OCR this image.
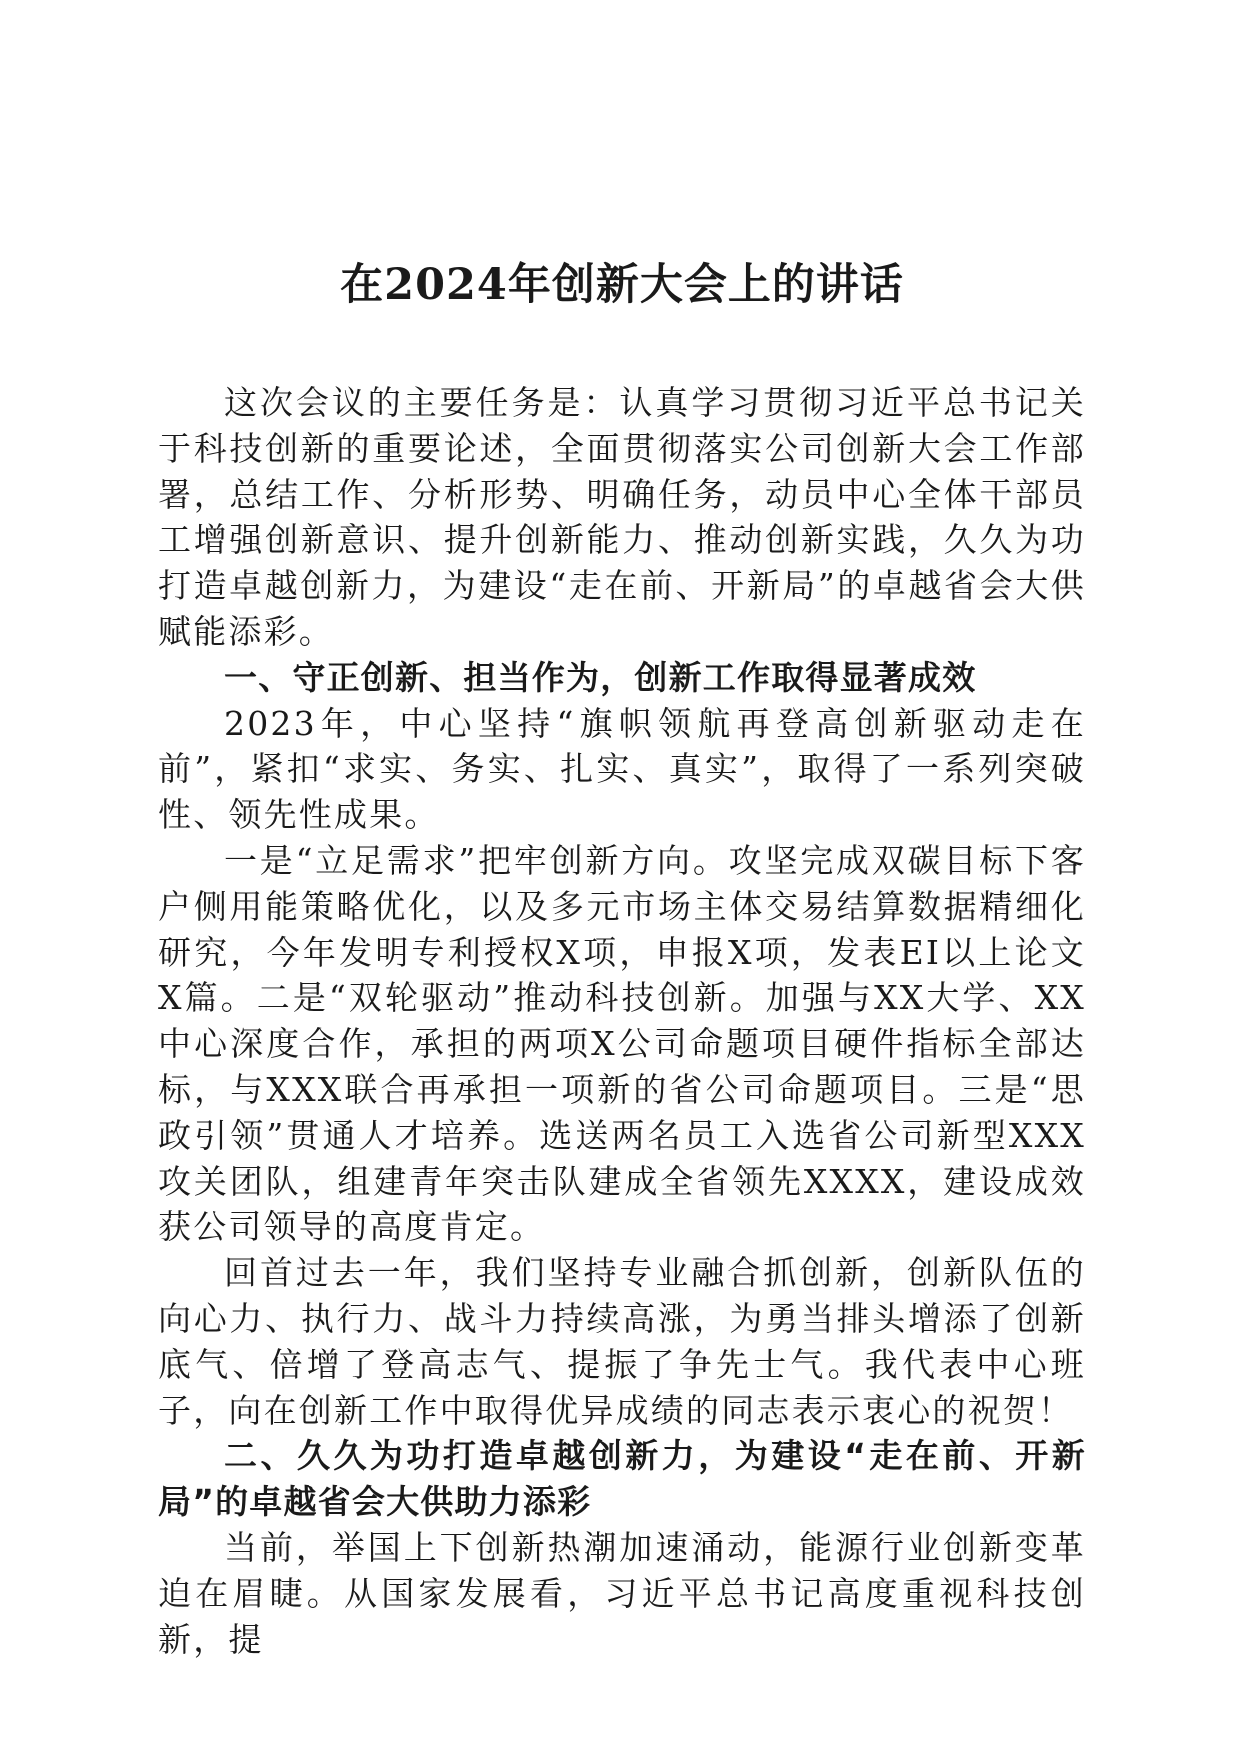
在2024年创新大会上的讲话

这次会议的主要任务是：认真学习贯彻习近平总书记关于科技创新的重要论述，全面贯彻落实公司创新大会工作部署，总结工作、分析形势、明确任务，动员中心全体干部员工增强创新意识、提升创新能力、推动创新实践，久久为功打造卓越创新力，为建设“走在前、开新局”的卓越省会大供赋能添彩。

一、守正创新、担当作为，创新工作取得显著成效

2023年，中心坚持“旗帜领航再登高创新驱动走在前”，紧扣“求实、务实、扎实、真实”，取得了一系列突破性、领先性成果。

一是“立足需求”把牢创新方向。攻坚完成双碳目标下客户侧用能策略优化，以及多元市场主体交易结算数据精细化研究，今年发明专利授权X项，申报X项，发表EI以上论文X篇。二是“双轮驱动”推动科技创新。加强与XX大学、XX中心深度合作，承担的两项X公司命题项目硬件指标全部达标，与XXX联合再承担一项新的省公司命题项目。三是“思政引领”贯通人才培养。选送两名员工入选省公司新型XXX攻关团队，组建青年突击队建成全省领先XXXX，建设成效获公司领导的高度肯定。

回首过去一年，我们坚持专业融合抓创新，创新队伍的向心力、执行力、战斗力持续高涨，为勇当排头增添了创新底气、倍增了登高志气、提振了争先士气。我代表中心班子，向在创新工作中取得优异成绩的同志表示衷心的祝贺！

二、久久为功打造卓越创新力，为建设“走在前、开新局”的卓越省会大供助力添彩

当前，举国上下创新热潮加速涌动，能源行业创新变革迫在眉睫。从国家发展看，习近平总书记高度重视科技创新，提
